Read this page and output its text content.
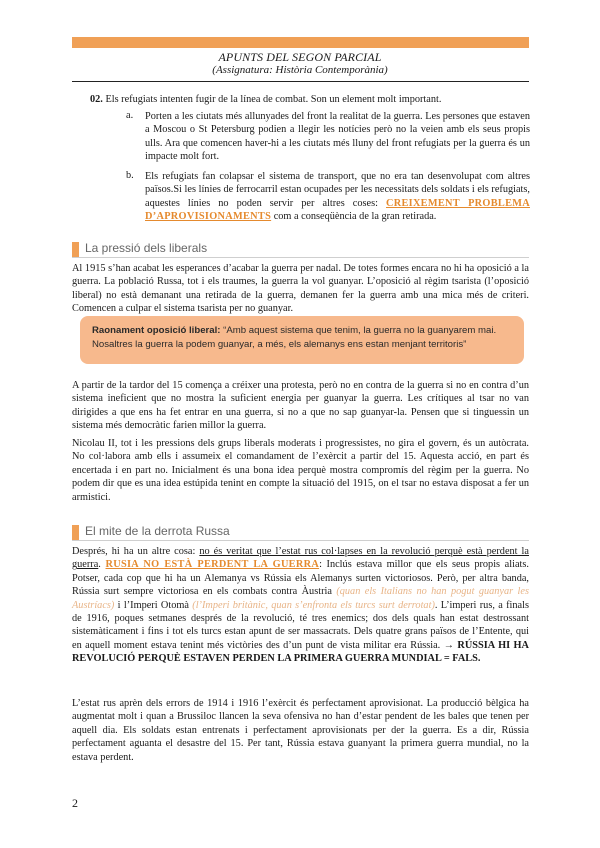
APUNTS DEL SEGON PARCIAL
(Assignatura: Història Contemporània)

02. Els refugiats intenten fugir de la línea de combat. Son un element molt important.

a. Porten a les ciutats més allunyades del front la realitat de la guerra. Les persones que estaven a Moscou o St Petersburg podien a llegir les notícies però no la veien amb els seus propis ulls. Ara que comencen haver-hi a les ciutats més lluny del front refugiats per la guerra és un impacte molt fort.

b. Els refugiats fan colapsar el sistema de transport, que no era tan desenvolupat com altres països.Si les línies de ferrocarril estan ocupades per les necessitats dels soldats i els refugiats, aquestes línies no poden servir per altres coses: CREIXEMENT PROBLEMA D’APROVISIONAMENTS com a conseqüència de la gran retirada.

La pressió dels liberals

Al 1915 s’han acabat les esperances d’acabar la guerra per nadal. De totes formes encara no hi ha oposició a la guerra. La població Russa, tot i els traumes, la guerra la vol guanyar. L’oposició al règim tsarista (l’oposició liberal) no està demanant una retirada de la guerra, demanen fer la guerra amb una mica més de criteri. Comencen a culpar el sistema tsarista per no guanyar.

Raonament oposició liberal: “Amb aquest sistema que tenim, la guerra no la guanyarem mai. Nosaltres la guerra la podem guanyar, a més, els alemanys ens estan menjant territoris”

A partir de la tardor del 15 comença a créixer una protesta, però no en contra de la guerra si no en contra d’un sistema ineficient que no mostra la suficient energia per guanyar la guerra. Les crítiques al tsar no van dirigides a que ens ha fet entrar en una guerra, si no a que no sap guanyar-la. Pensen que si tinguessin un sistema més democràtic farien millor la guerra.

Nicolau II, tot i les pressions dels grups liberals moderats i progressistes, no gira el govern, és un autòcrata. No col·labora amb ells i assumeix el comandament de l’exèrcit a partir del 15. Aquesta acció, en part és encertada i en part no. Inicialment és una bona idea perquè mostra compromís del règim per la guerra. No podem dir que es una idea estúpida tenint en compte la situació del 1915, on el tsar no estava disposat a fer un armistici.

El mite de la derrota Russa

Després, hi ha un altre cosa: no és veritat que l’estat rus col·lapses en la revolució perquè està perdent la guerra. RUSIA NO ESTÀ PERDENT LA GUERRA: Inclús estava millor que els seus propis aliats. Potser, cada cop que hi ha un Alemanya vs Rússia els Alemanys surten victoriosos. Però, per altra banda, Rússia surt sempre victoriosa en els combats contra Àustria (quan els Italians no han pogut guanyar les Austríacs) i l’Imperi Otomà (l’Imperi britànic, quan s’enfronta els turcs surt derrotat). L’imperi rus, a finals de 1916, poques setmanes després de la revolució, té tres enemics; dos dels quals han estat destrossant sistemàticament i fins i tot els turcs estan apunt de ser massacrats. Dels quatre grans països de l’Entente, qui en aquell moment estava tenint més victòries des d’un punt de vista militar era Rússia. → RÚSSIA HI HA REVOLUCIÓ PERQUÈ ESTAVEN PERDEN LA PRIMERA GUERRA MUNDIAL = FALS.

L’estat rus aprèn dels errors de 1914 i 1916 l’exèrcit és perfectament aprovisionat. La producció bèlgica ha augmentat molt i quan a Brussiloc llancen la seva ofensiva no han d’estar pendent de les bales que tenen per aquell dia. Els soldats estan entrenats i perfectament aprovisionats per der la guerra. Es a dir, Rússia perfectament aguanta el desastre del 15. Per tant, Rússia estava guanyant la primera guerra mundial, no la estava perdent.

2
